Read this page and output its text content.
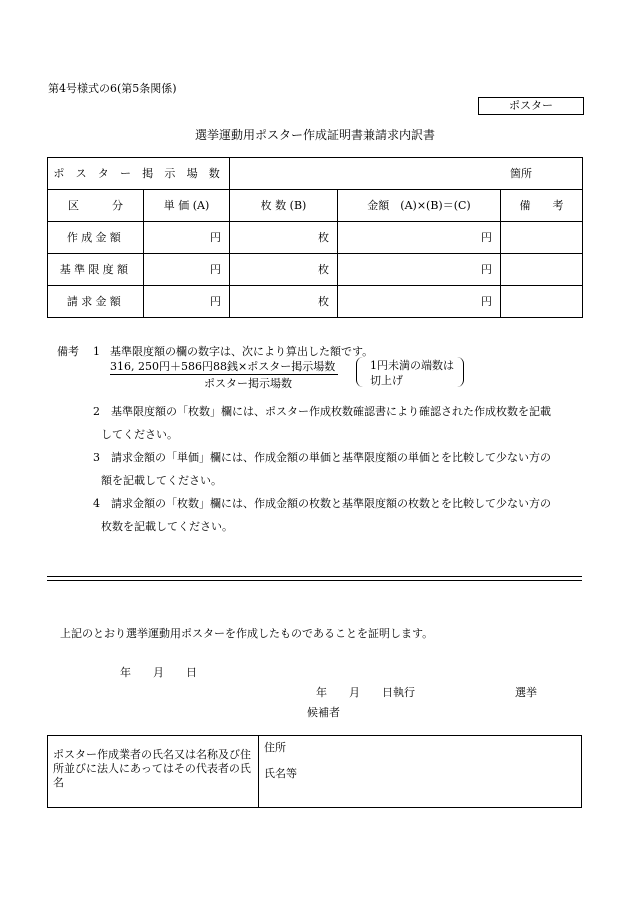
第4号様式の6(第5条関係)
ポスター
選挙運動用ポスター作成証明書兼請求内訳書
ポ ス タ ー 掲 示 場 数		箇所		
区　　　分	単 価 (A)	枚 数 (B)	金額　(A)×(B)＝(C)	備　　考
作成金額	円	枚	円	
基準限度額	円	枚	円	
請求金額	円	枚	円	
備考 1 基準限度額の欄の数字は、次により算出した額です。
316, 250円＋586円88銭×ポスター掲示場数
ポスター掲示場数
1円未満の端数は
切上げ
2　基準限度額の「枚数」欄には、ポスター作成枚数確認書により確認された作成枚数を記載
してください。
3　請求金額の「単価」欄には、作成金額の単価と基準限度額の単価とを比較して少ない方の
額を記載してください。
4　請求金額の「枚数」欄には、作成金額の枚数と基準限度額の枚数とを比較して少ない方の
枚数を記載してください。
上記のとおり選挙運動用ポスターを作成したものであることを証明します。
年　　月　　日
年　　月　　日執行	選挙
候補者
ポスター作成業者の氏名又は名称及び住所並びに法人にあってはその代表者の氏名
住所
氏名等
